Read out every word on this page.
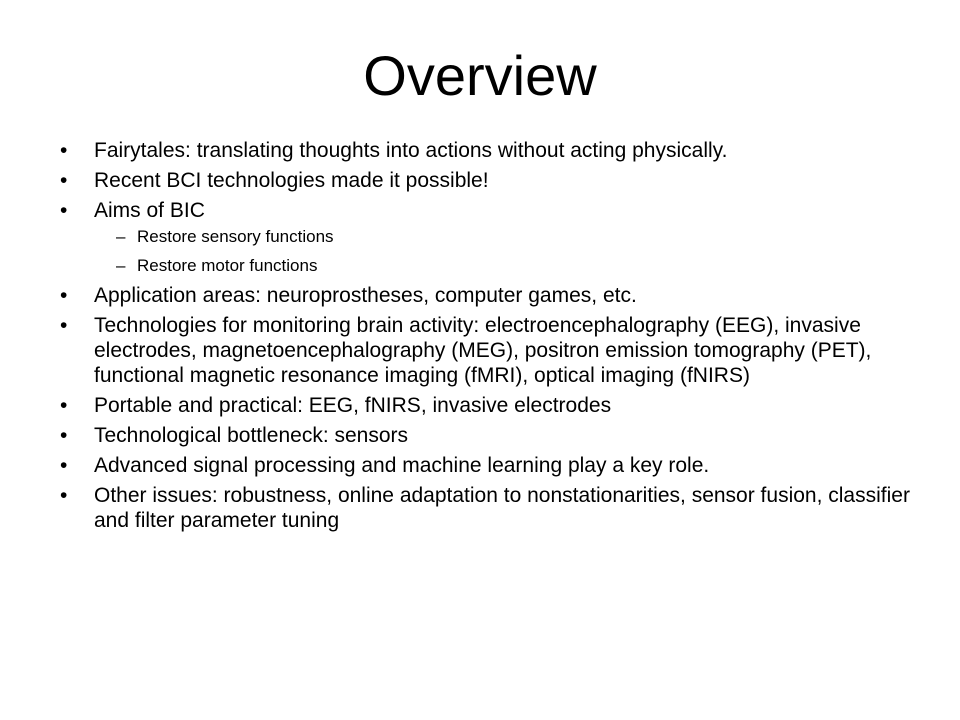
Overview
•	Fairytales: translating thoughts into actions without acting physically.
•	Recent BCI technologies made it possible!
•	Aims of BIC
– Restore sensory functions
– Restore motor functions
•	Application areas: neuroprostheses, computer games, etc.
•	Technologies for monitoring brain activity: electroencephalography (EEG), invasive electrodes, magnetoencephalography (MEG), positron emission tomography (PET), functional magnetic resonance imaging (fMRI), optical imaging (fNIRS)
•	Portable and practical: EEG, fNIRS, invasive electrodes
•	Technological bottleneck: sensors
•	Advanced signal processing and machine learning play a key role.
•	Other issues: robustness, online adaptation to nonstationarities, sensor fusion, classifier and filter parameter tuning
